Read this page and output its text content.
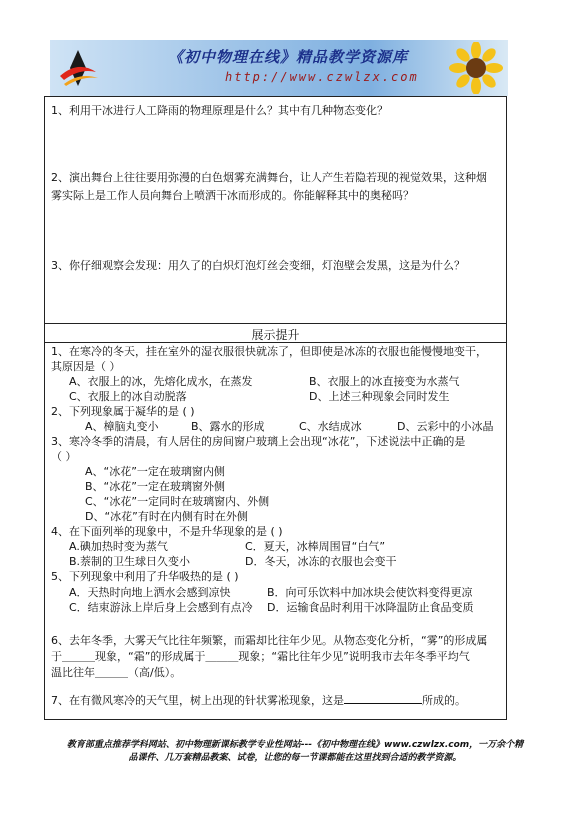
《初中物理在线》精品教学资源库
http://www.czwlzx.com
1、利用干冰进行人工降雨的物理原理是什么？其中有几种物态变化？
2、演出舞台上往往要用弥漫的白色烟雾充满舞台，让人产生若隐若现的视觉效果，这种烟
雾实际上是工作人员向舞台上喷洒干冰而形成的。你能解释其中的奥秘吗？
3、你仔细观察会发现：用久了的白炽灯泡灯丝会变细，灯泡壁会发黑，这是为什么？
展示提升
1、在寒冷的冬天，挂在室外的湿衣服很快就冻了，但即使是冰冻的衣服也能慢慢地变干，
其原因是（ ）
A、衣服上的冰，先熔化成水，在蒸发	B、衣服上的冰直接变为水蒸气
C、衣服上的冰自动脱落	D、上述三种现象会同时发生
2、下列现象属于凝华的是 ( )
A、樟脑丸变小	B、露水的形成	C、水结成冰	D、云彩中的小冰晶
3、寒冷冬季的清晨，有人居住的房间窗户玻璃上会出现“冰花”，下述说法中正确的是
（ ）
A、“冰花”一定在玻璃窗内侧
B、“冰花”一定在玻璃窗外侧
C、“冰花”一定同时在玻璃窗内、外侧
D、“冰花”有时在内侧有时在外侧
4、在下面列举的现象中，不是升华现象的是 ( )
A.碘加热时变为蒸气	C．夏天，冰棒周围冒“白气”
B.萘制的卫生球日久变小	D．冬天，冰冻的衣服也会变干
5、下列现象中利用了升华吸热的是 ( )
A．天热时向地上洒水会感到凉快	B．向可乐饮料中加冰块会使饮料变得更凉
C．结束游泳上岸后身上会感到有点冷 D．运输食品时利用干冰降温防止食品变质
6、去年冬季，大雾天气比往年频繁，而霜却比往年少见。从物态变化分析，“雾”的形成属
于＿＿＿现象，“霜”的形成属于＿＿＿现象；“霜比往年少见”说明我市去年冬季平均气
温比往年＿＿＿（高/低）。
7、在有微风寒冷的天气里，树上出现的针状雾凇现象，这是	所成的。
教育部重点推荐学科网站、初中物理新课标教学专业性网站---《初中物理在线》www.czwlzx.com，一万余个精
品课件、几万套精品教案、试卷，让您的每一节课都能在这里找到合适的教学资源。
